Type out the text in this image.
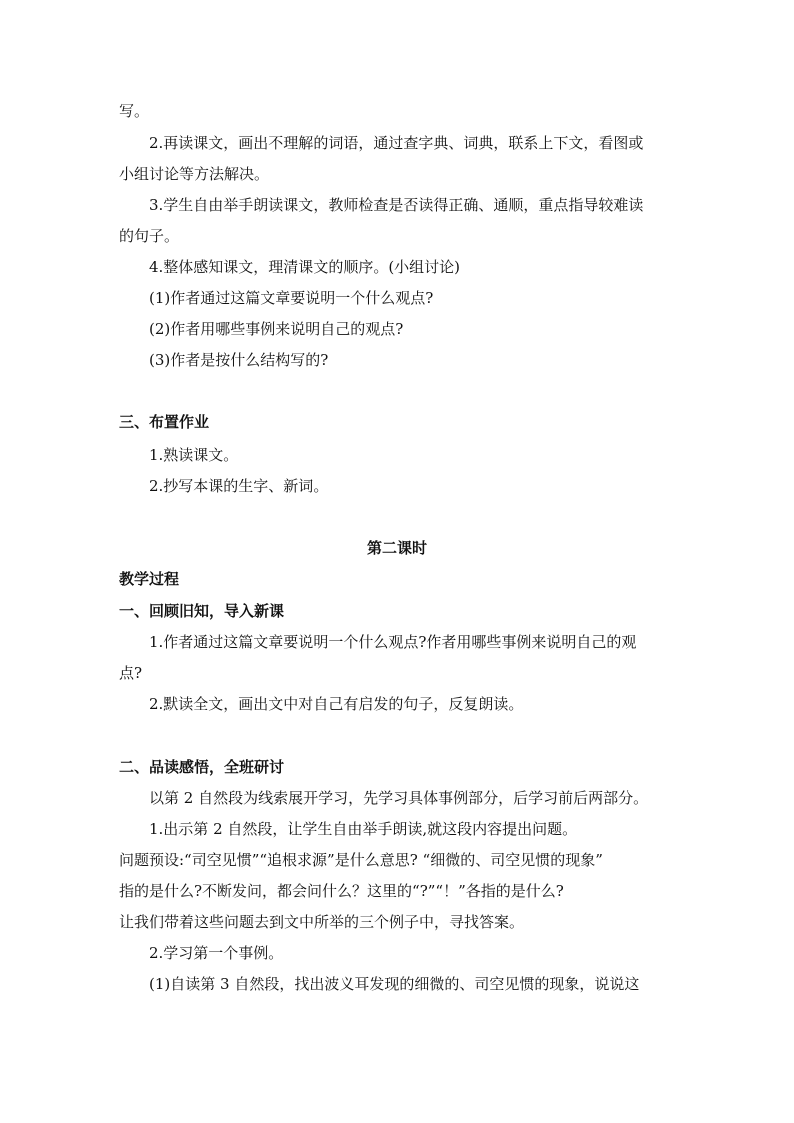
写。
2.再读课文，画出不理解的词语，通过查字典、词典，联系上下文，看图或
小组讨论等方法解决。
3.学生自由举手朗读课文，教师检查是否读得正确、通顺，重点指导较难读
的句子。
4.整体感知课文，理清课文的顺序。(小组讨论)
(1)作者通过这篇文章要说明一个什么观点?
(2)作者用哪些事例来说明自己的观点?
(3)作者是按什么结构写的?
三、布置作业
1.熟读课文。
2.抄写本课的生字、新词。
第二课时
教学过程
一、回顾旧知，导入新课
1.作者通过这篇文章要说明一个什么观点?作者用哪些事例来说明自己的观
点?
2.默读全文，画出文中对自己有启发的句子，反复朗读。
二、品读感悟，全班研讨
以第 2 自然段为线索展开学习，先学习具体事例部分，后学习前后两部分。
1.出示第 2 自然段，让学生自由举手朗读,就这段内容提出问题。
问题预设:“司空见惯”“追根求源”是什么意思? “细微的、司空见惯的现象”
指的是什么?不断发问，都会问什么？这里的“?”“！”各指的是什么?
让我们带着这些问题去到文中所举的三个例子中，寻找答案。
2.学习第一个事例。
(1)自读第 3 自然段，找出波义耳发现的细微的、司空见惯的现象，说说这
